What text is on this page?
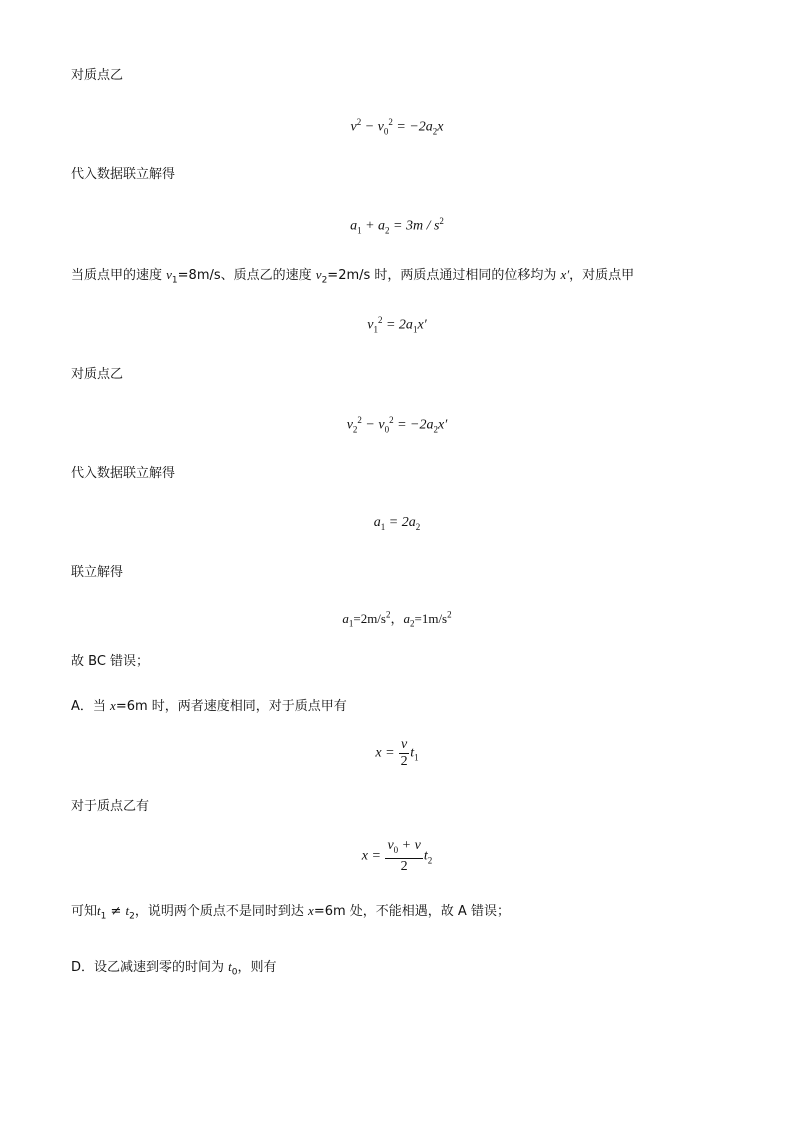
对质点乙
$v^2 - v_0^2 = -2a_2x$
代入数据联立解得
$a_1 + a_2 = 3m / s^2$
当质点甲的速度 $v_1=8m/s$、质点乙的速度 $v_2=2m/s$ 时，两质点通过相同的位移均为 x′，对质点甲
$v_1^2 = 2a_1x'$
对质点乙
$v_2^2 - v_0^2 = -2a_2x'$
代入数据联立解得
$a_1 = 2a_2$
联立解得
$a_1=2m/s^2$，$a_2=1m/s^2$
故 BC 错误；
A．当 x=6m 时，两者速度相同，对于质点甲有
$x = \frac{v}{2} t_1$
对于质点乙有
$x = \frac{v_0 + v}{2} t_2$
可知$t_1 \ne t_2$，说明两个质点不是同时到达 x=6m 处，不能相遇，故 A 错误；
D．设乙减速到零的时间为 $t_0$，则有
